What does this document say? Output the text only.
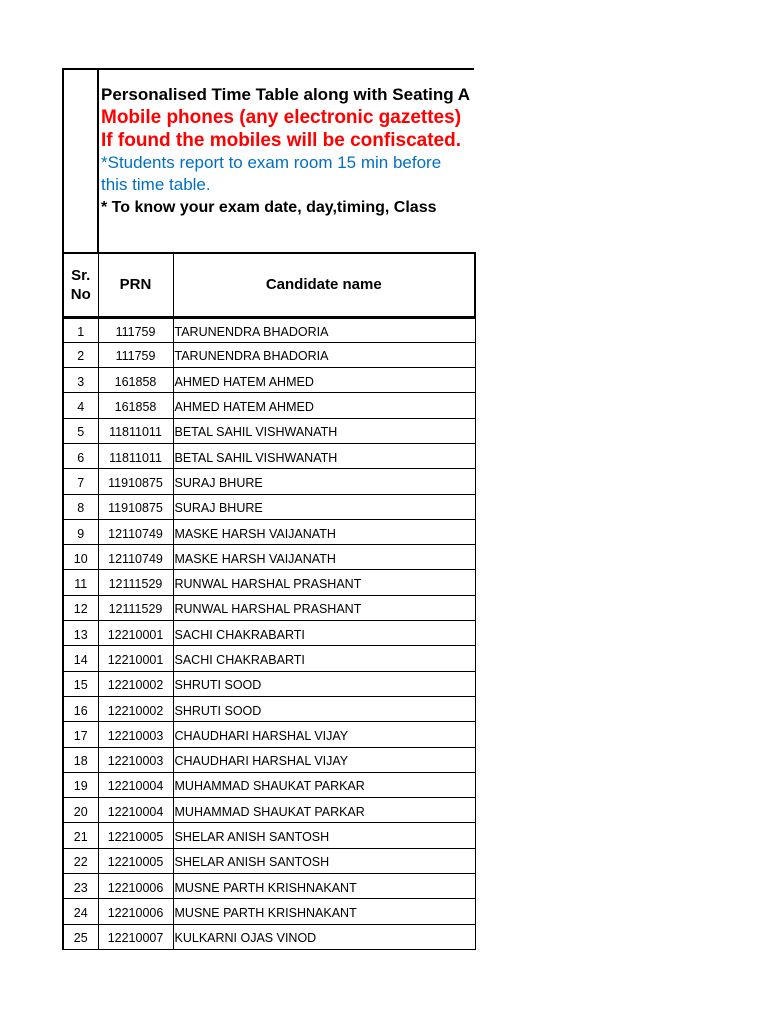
Personalised Time Table along with Seating A
Mobile phones (any electronic gazettes)
If found the mobiles will be confiscated.
*Students report to exam room 15 min before
this time table.
* To know your exam date, day,timing, Class
Sr.
No	PRN	Candidate name
1	111759	TARUNENDRA BHADORIA
2	111759	TARUNENDRA BHADORIA
3	161858	AHMED HATEM AHMED
4	161858	AHMED HATEM AHMED
5	11811011	BETAL SAHIL VISHWANATH
6	11811011	BETAL SAHIL VISHWANATH
7	11910875	SURAJ BHURE
8	11910875	SURAJ BHURE
9	12110749	MASKE HARSH VAIJANATH
10	12110749	MASKE HARSH VAIJANATH
11	12111529	RUNWAL HARSHAL PRASHANT
12	12111529	RUNWAL HARSHAL PRASHANT
13	12210001	SACHI CHAKRABARTI
14	12210001	SACHI CHAKRABARTI
15	12210002	SHRUTI SOOD
16	12210002	SHRUTI SOOD
17	12210003	CHAUDHARI HARSHAL VIJAY
18	12210003	CHAUDHARI HARSHAL VIJAY
19	12210004	MUHAMMAD SHAUKAT PARKAR
20	12210004	MUHAMMAD SHAUKAT PARKAR
21	12210005	SHELAR ANISH SANTOSH
22	12210005	SHELAR ANISH SANTOSH
23	12210006	MUSNE PARTH KRISHNAKANT
24	12210006	MUSNE PARTH KRISHNAKANT
25	12210007	KULKARNI OJAS VINOD
